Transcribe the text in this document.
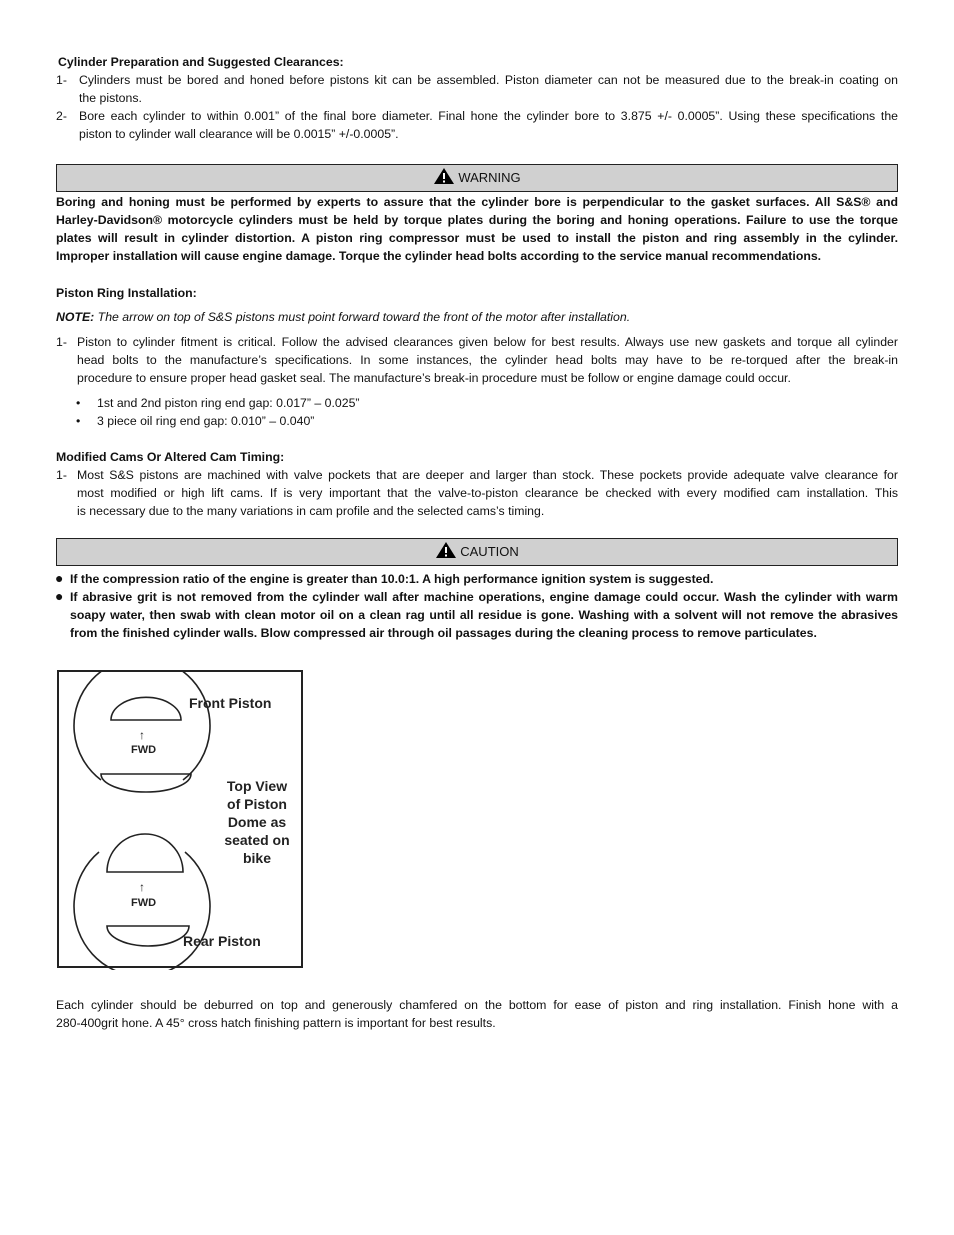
Cylinder Preparation and Suggested Clearances:
1- Cylinders must be bored and honed before pistons kit can be assembled. Piston diameter can not be measured due to the break-in coating on
the pistons.
2- Bore each cylinder to within 0.001” of the final bore diameter. Final hone the cylinder bore to 3.875 +/- 0.0005”. Using these specifications the
piston to cylinder wall clearance will be 0.0015” +/-0.0005”.
WARNING
Boring and honing must be performed by experts to assure that the cylinder bore is perpendicular to the gasket surfaces. All S&S® and
Harley-Davidson® motorcycle cylinders must be held by torque plates during the boring and honing operations. Failure to use the torque
plates will result in cylinder distortion. A piston ring compressor must be used to install the piston and ring assembly in the cylinder.
Improper installation will cause engine damage. Torque the cylinder head bolts according to the service manual recommendations.
Piston Ring Installation:
NOTE: The arrow on top of S&S pistons must point forward toward the front of the motor after installation.
1- Piston to cylinder fitment is critical. Follow the advised clearances given below for best results. Always use new gaskets and torque all cylinder
head bolts to the manufacture’s specifications. In some instances, the cylinder head bolts may have to be re-torqued after the break-in
procedure to ensure proper head gasket seal. The manufacture’s break-in procedure must be follow or engine damage could occur.
• 1st and 2nd piston ring end gap: 0.017” – 0.025”
• 3 piece oil ring end gap: 0.010” – 0.040”
Modified Cams Or Altered Cam Timing:
1- Most S&S pistons are machined with valve pockets that are deeper and larger than stock. These pockets provide adequate valve clearance for
most modified or high lift cams. If is very important that the valve-to-piston clearance be checked with every modified cam installation. This
is necessary due to the many variations in cam profile and the selected cams’s timing.
CAUTION
● If the compression ratio of the engine is greater than 10.0:1. A high performance ignition system is suggested.
● If abrasive grit is not removed from the cylinder wall after machine operations, engine damage could occur. Wash the cylinder with warm
soapy water, then swab with clean motor oil on a clean rag until all residue is gone. Washing with a solvent will not remove the abrasives
from the finished cylinder walls. Blow compressed air through oil passages during the cleaning process to remove particulates.
Front Piston
↑
FWD
Top View
of Piston
Dome as
seated on
bike
↑
FWD
Rear Piston
Each cylinder should be deburred on top and generously chamfered on the bottom for ease of piston and ring installation. Finish hone with a
280-400grit hone. A 45° cross hatch finishing pattern is important for best results.
